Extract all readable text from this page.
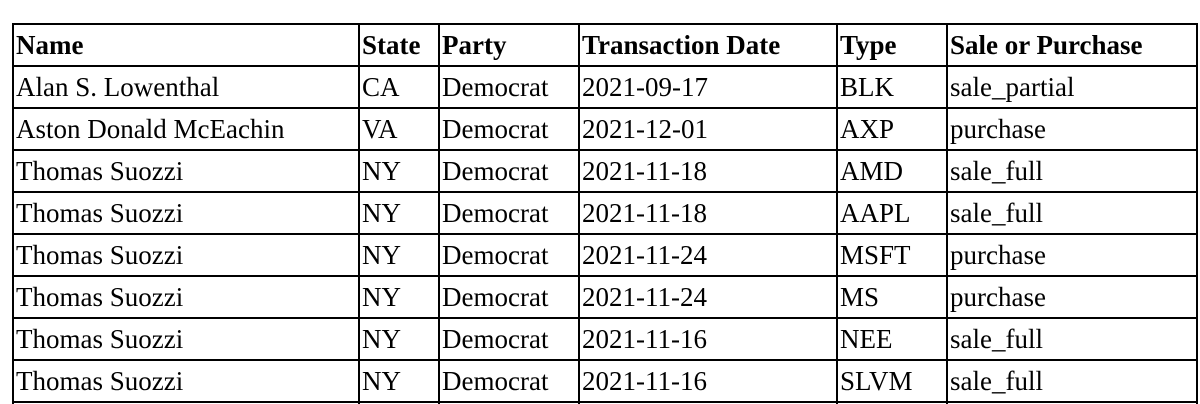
Name	State	Party	Transaction Date	Type	Sale or Purchase
Alan S. Lowenthal	CA	Democrat	2021-09-17	BLK	sale_partial
Aston Donald McEachin	VA	Democrat	2021-12-01	AXP	purchase
Thomas Suozzi	NY	Democrat	2021-11-18	AMD	sale_full
Thomas Suozzi	NY	Democrat	2021-11-18	AAPL	sale_full
Thomas Suozzi	NY	Democrat	2021-11-24	MSFT	purchase
Thomas Suozzi	NY	Democrat	2021-11-24	MS	purchase
Thomas Suozzi	NY	Democrat	2021-11-16	NEE	sale_full
Thomas Suozzi	NY	Democrat	2021-11-16	SLVM	sale_full
